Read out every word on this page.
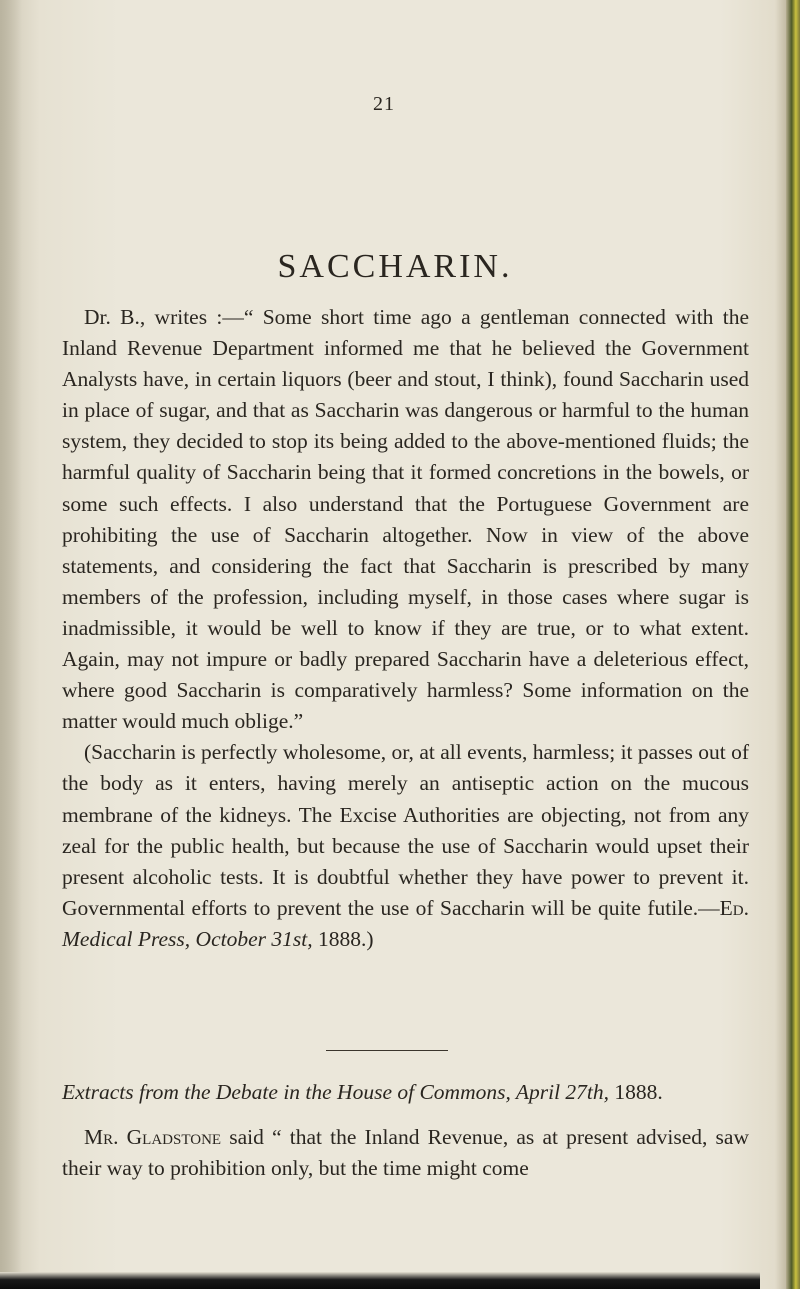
21
SACCHARIN.

Dr. B., writes :—“ Some short time ago a gentleman connected with the Inland Revenue Department informed me that he believed the Government Analysts have, in certain liquors (beer and stout, I think), found Saccharin used in place of sugar, and that as Saccharin was dangerous or harmful to the human system, they decided to stop its being added to the above-mentioned fluids; the harmful quality of Saccharin being that it formed concretions in the bowels, or some such effects. I also understand that the Portuguese Government are prohibiting the use of Saccharin altogether. Now in view of the above statements, and considering the fact that Saccharin is prescribed by many members of the profession, including myself, in those cases where sugar is inadmissible, it would be well to know if they are true, or to what extent. Again, may not impure or badly prepared Saccharin have a deleterious effect, where good Saccharin is comparatively harmless? Some information on the matter would much oblige.”

(Saccharin is perfectly wholesome, or, at all events, harmless; it passes out of the body as it enters, having merely an antiseptic action on the mucous membrane of the kidneys. The Excise Authorities are objecting, not from any zeal for the public health, but because the use of Saccharin would upset their present alcoholic tests. It is doubtful whether they have power to prevent it. Governmental efforts to prevent the use of Saccharin will be quite futile.—Ed. Medical Press, October 31st, 1888.)

Extracts from the Debate in the House of Commons, April 27th, 1888.

Mr. Gladstone said “ that the Inland Revenue, as at present advised, saw their way to prohibition only, but the time might come
